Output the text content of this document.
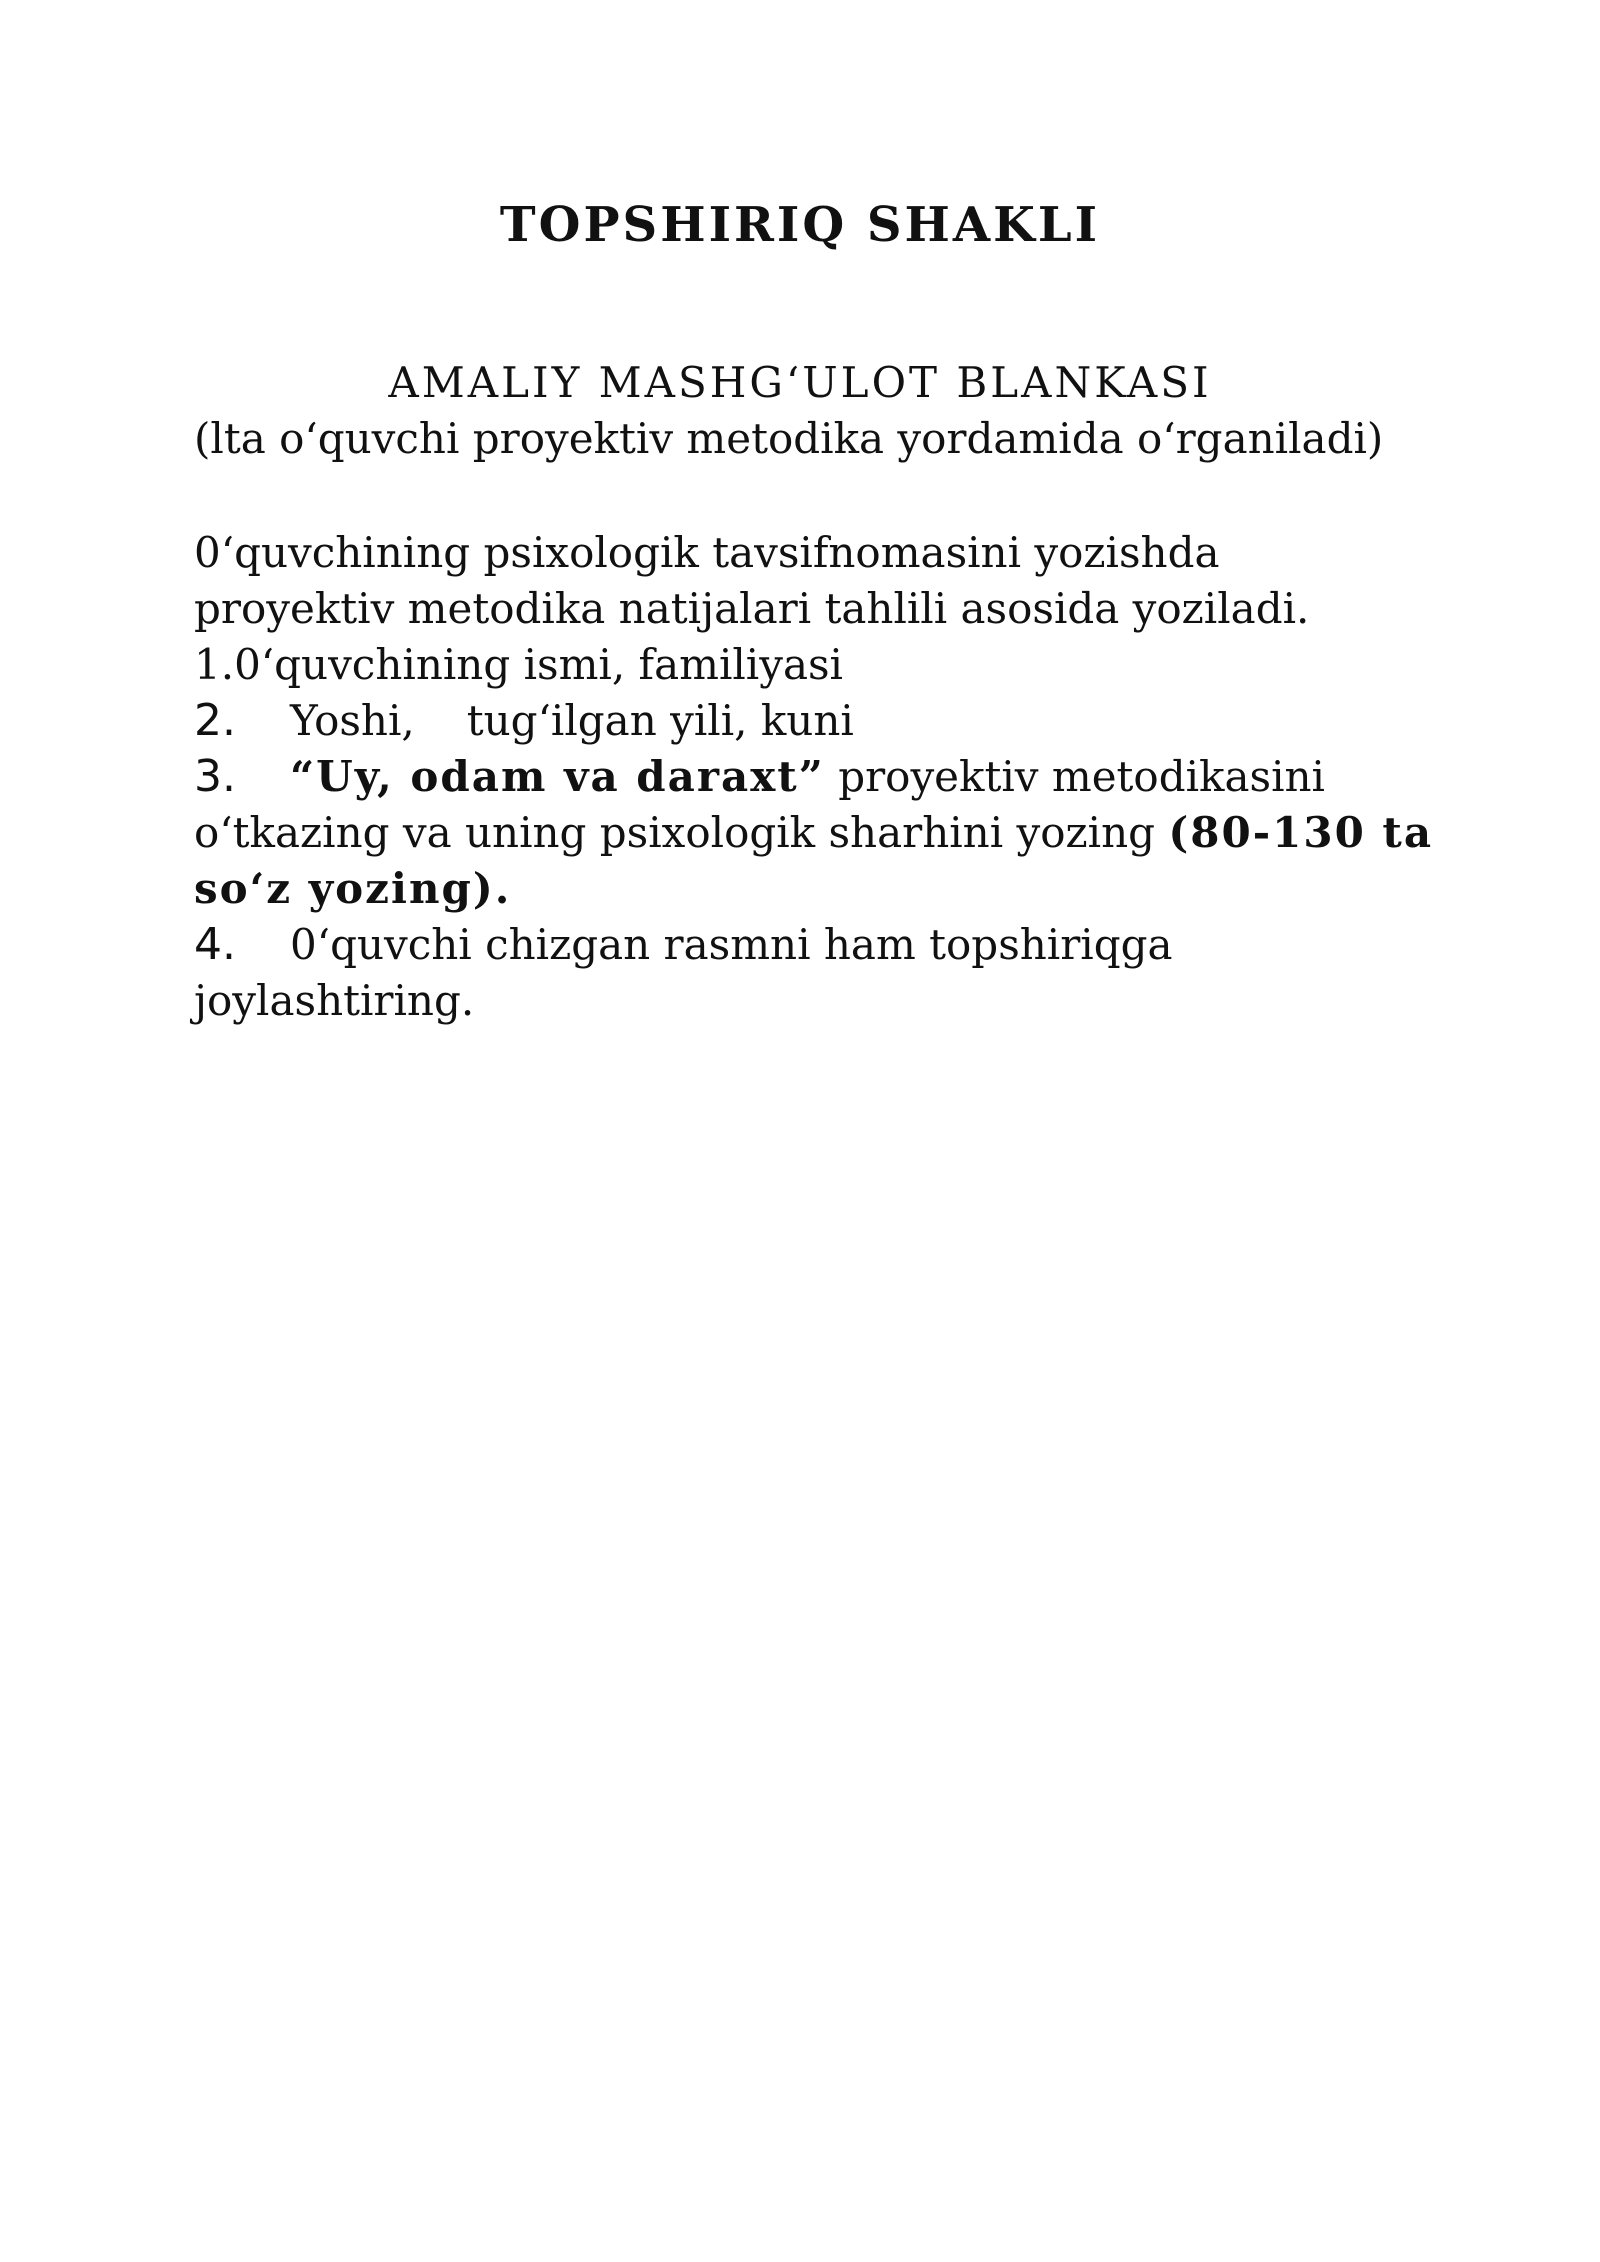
TOPSHIRIQ SHAKLI
AMALIY MASHG‘ULOT BLANKASI
(lta o‘quvchi proyektiv metodika yordamida o‘rganiladi)
0‘quvchining psixologik tavsifnomasini yozishda
proyektiv metodika natijalari tahlili asosida yoziladi.
1.0‘quvchining ismi, familiyasi
2. Yoshi, tug‘ilgan yili, kuni
3. “Uy, odam va daraxt” proyektiv metodikasini
o‘tkazing va uning psixologik sharhini yozing (80-130 ta
so‘z yozing).
4. 0‘quvchi chizgan rasmni ham topshiriqga
joylashtiring.
